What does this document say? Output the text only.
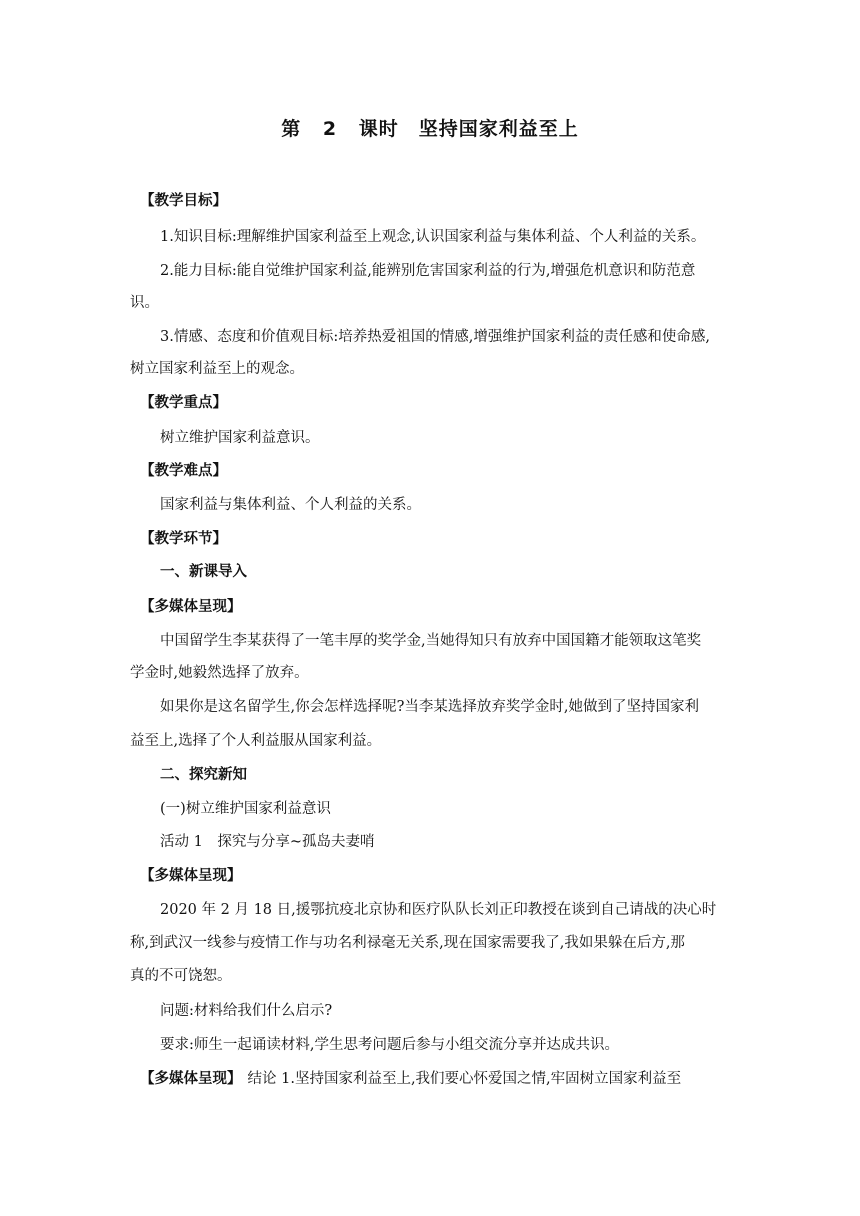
第 2 课时　坚持国家利益至上
【教学目标】
1.知识目标:理解维护国家利益至上观念,认识国家利益与集体利益、个人利益的关系。
2.能力目标:能自觉维护国家利益,能辨别危害国家利益的行为,增强危机意识和防范意
识。
3.情感、态度和价值观目标:培养热爱祖国的情感,增强维护国家利益的责任感和使命感,
树立国家利益至上的观念。
【教学重点】
树立维护国家利益意识。
【教学难点】
国家利益与集体利益、个人利益的关系。
【教学环节】
一、新课导入
【多媒体呈现】
中国留学生李某获得了一笔丰厚的奖学金,当她得知只有放弃中国国籍才能领取这笔奖
学金时,她毅然选择了放弃。
如果你是这名留学生,你会怎样选择呢?当李某选择放弃奖学金时,她做到了坚持国家利
益至上,选择了个人利益服从国家利益。
二、探究新知
(一)树立维护国家利益意识
活动 1　探究与分享~孤岛夫妻哨
【多媒体呈现】
2020 年 2 月 18 日,援鄂抗疫北京协和医疗队队长刘正印教授在谈到自己请战的决心时
称,到武汉一线参与疫情工作与功名利禄毫无关系,现在国家需要我了,我如果躲在后方,那
真的不可饶恕。
问题:材料给我们什么启示?
要求:师生一起诵读材料,学生思考问题后参与小组交流分享并达成共识。
【多媒体呈现】 结论 1.坚持国家利益至上,我们要心怀爱国之情,牢固树立国家利益至
